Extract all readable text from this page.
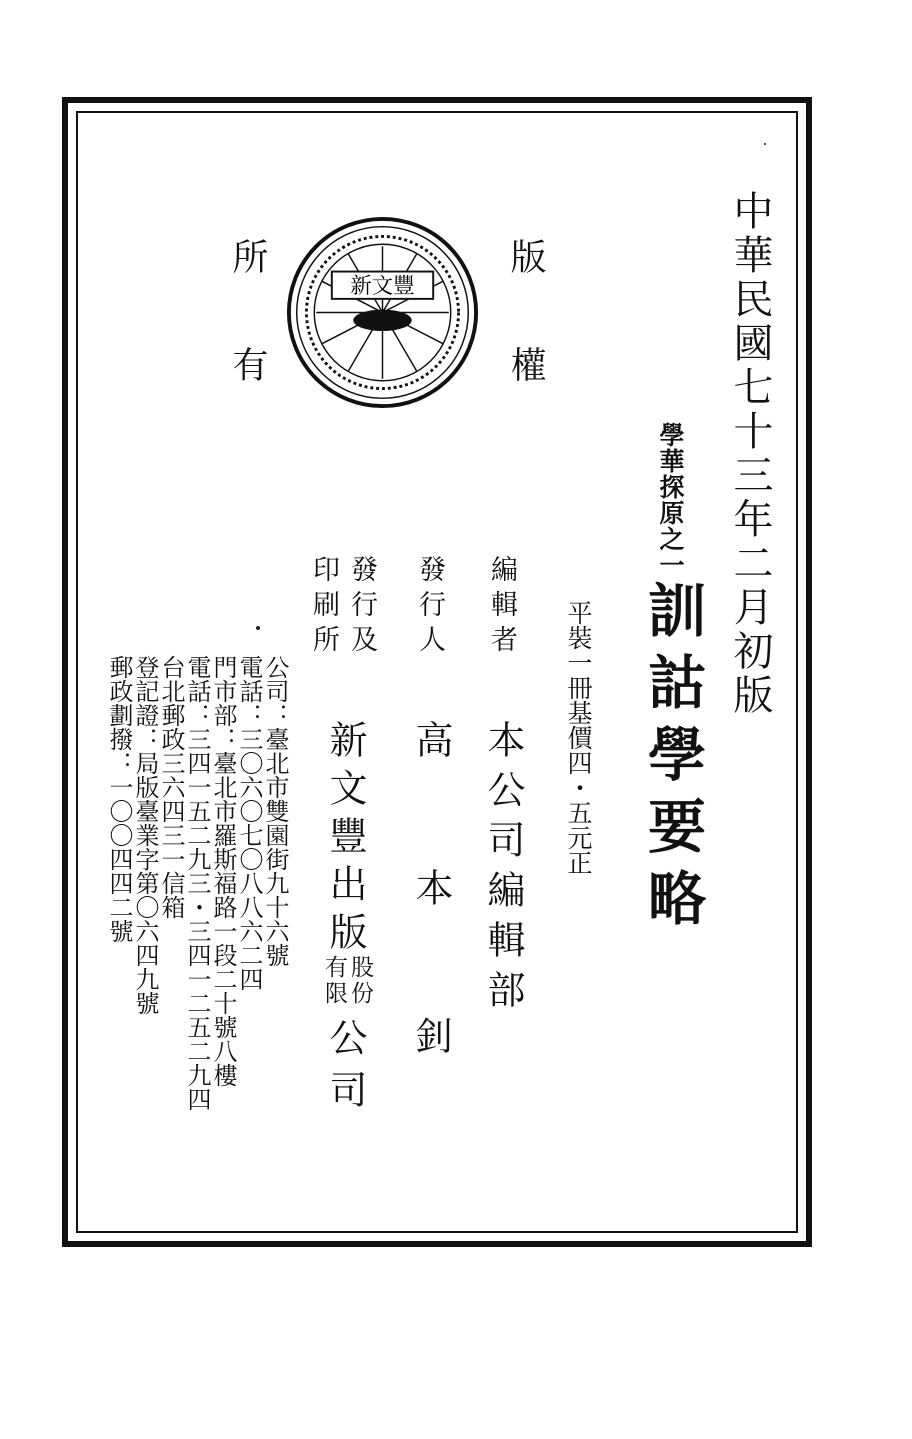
中華民國七十三年二月初版

學華探原之一

訓詁學要略

平裝一冊基價四・五元正

編輯者

本公司編輯部

發行人

高本釗

發行及

印刷所

新文豐出版

股份

有限

公司

公司：臺北市雙園街九十六號

電話：三〇六〇七〇八八六二四

門市部：臺北市羅斯福路一段二十號八樓

電話：三四一五二九三・三四一二五二九四

台北郵政三六四三一信箱

登記證：局版臺業字第〇六四九號

郵政劃撥：一〇〇四四二號

版權

所有	新文豐
